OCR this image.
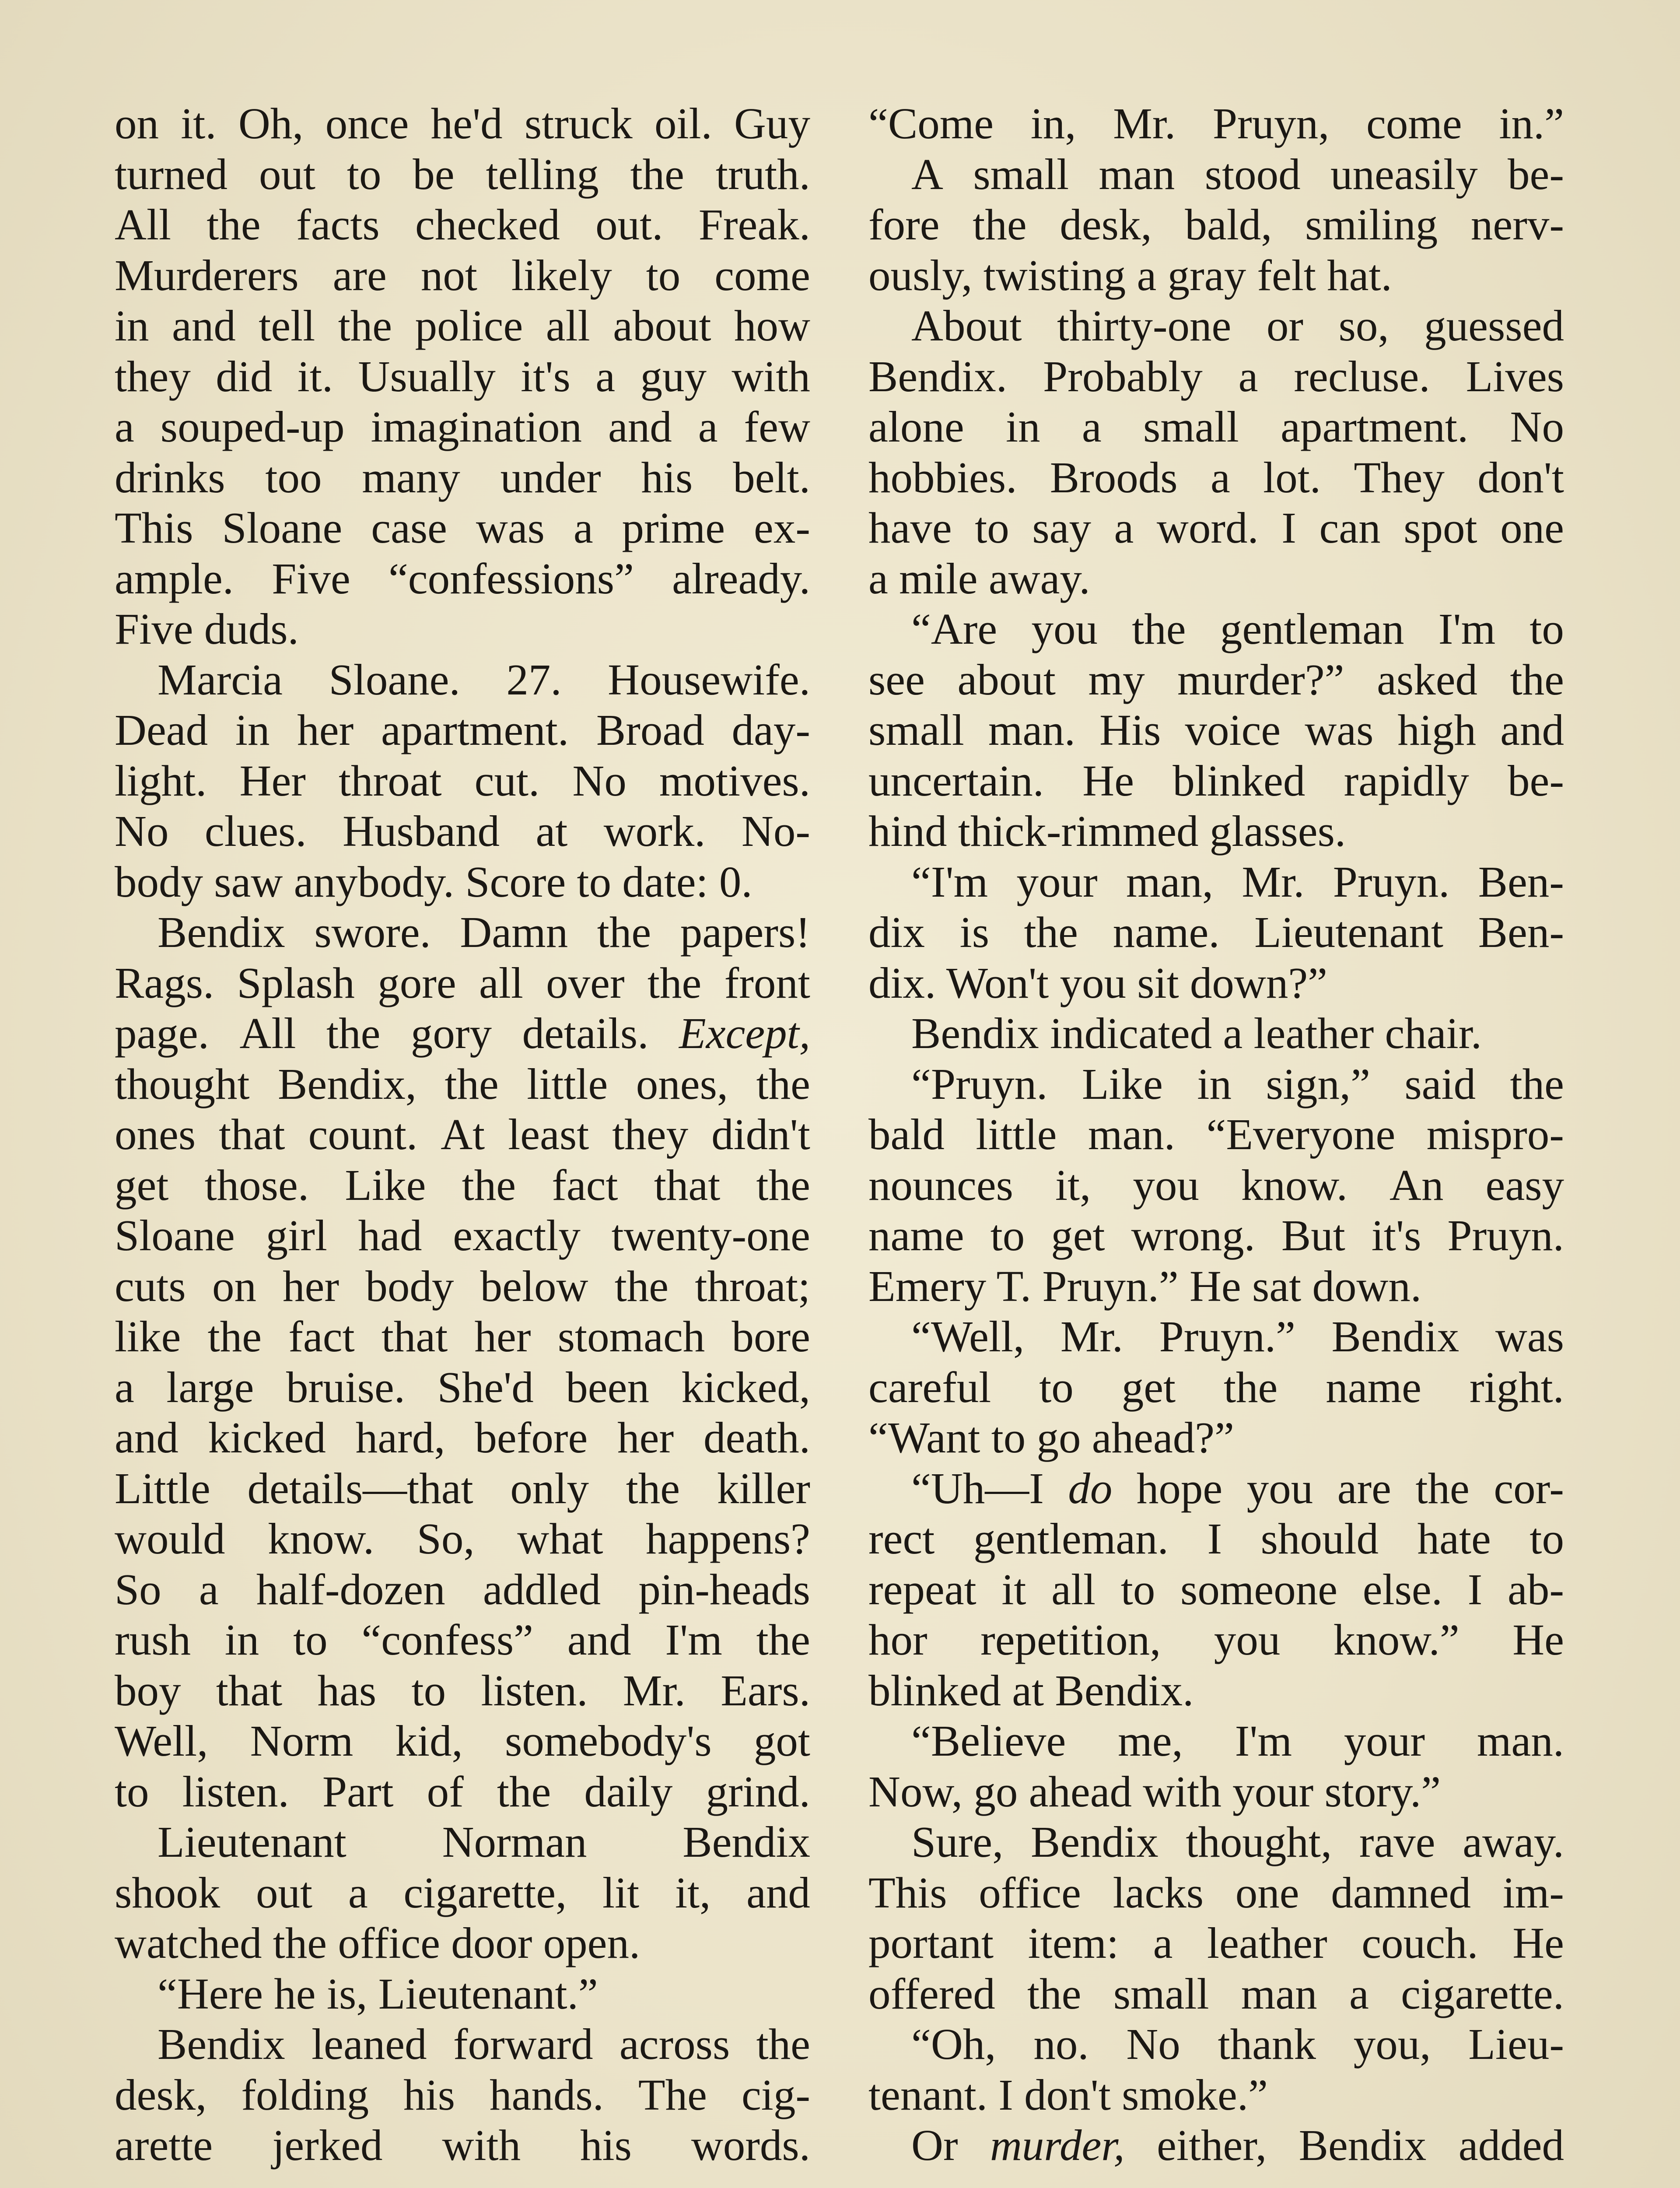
on it. Oh, once he'd struck oil. Guy
turned out to be telling the truth.
All the facts checked out. Freak.
Murderers are not likely to come
in and tell the police all about how
they did it. Usually it's a guy with
a souped-up imagination and a few
drinks too many under his belt.
This Sloane case was a prime ex-
ample. Five “confessions” already.
Five duds.
Marcia Sloane. 27. Housewife.
Dead in her apartment. Broad day-
light. Her throat cut. No motives.
No clues. Husband at work. No-
body saw anybody. Score to date: 0.
Bendix swore. Damn the papers!
Rags. Splash gore all over the front
page. All the gory details. Except,
thought Bendix, the little ones, the
ones that count. At least they didn't
get those. Like the fact that the
Sloane girl had exactly twenty-one
cuts on her body below the throat;
like the fact that her stomach bore
a large bruise. She'd been kicked,
and kicked hard, before her death.
Little details—that only the killer
would know. So, what happens?
So a half-dozen addled pin-heads
rush in to “confess” and I'm the
boy that has to listen. Mr. Ears.
Well, Norm kid, somebody's got
to listen. Part of the daily grind.
Lieutenant Norman Bendix
shook out a cigarette, lit it, and
watched the office door open.
“Here he is, Lieutenant.”
Bendix leaned forward across the
desk, folding his hands. The cig-
arette jerked with his words.
“Come in, Mr. Pruyn, come in.”
A small man stood uneasily be-
fore the desk, bald, smiling nerv-
ously, twisting a gray felt hat.
About thirty-one or so, guessed
Bendix. Probably a recluse. Lives
alone in a small apartment. No
hobbies. Broods a lot. They don't
have to say a word. I can spot one
a mile away.
“Are you the gentleman I'm to
see about my murder?” asked the
small man. His voice was high and
uncertain. He blinked rapidly be-
hind thick-rimmed glasses.
“I'm your man, Mr. Pruyn. Ben-
dix is the name. Lieutenant Ben-
dix. Won't you sit down?”
Bendix indicated a leather chair.
“Pruyn. Like in sign,” said the
bald little man. “Everyone mispro-
nounces it, you know. An easy
name to get wrong. But it's Pruyn.
Emery T. Pruyn.” He sat down.
“Well, Mr. Pruyn.” Bendix was
careful to get the name right.
“Want to go ahead?”
“Uh—I do hope you are the cor-
rect gentleman. I should hate to
repeat it all to someone else. I ab-
hor repetition, you know.” He
blinked at Bendix.
“Believe me, I'm your man.
Now, go ahead with your story.”
Sure, Bendix thought, rave away.
This office lacks one damned im-
portant item: a leather couch. He
offered the small man a cigarette.
“Oh, no. No thank you, Lieu-
tenant. I don't smoke.”
Or murder, either, Bendix added
